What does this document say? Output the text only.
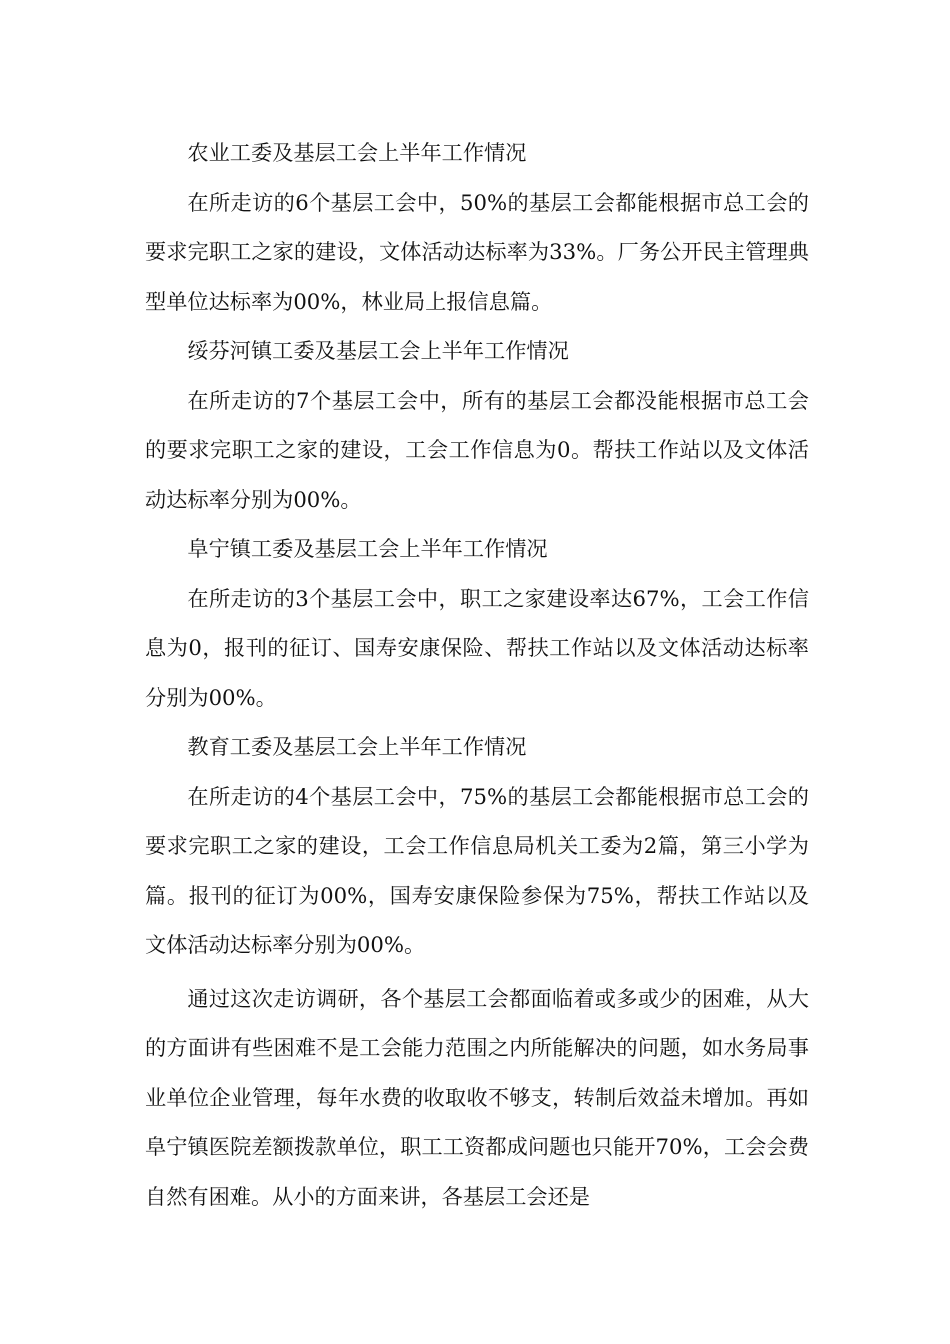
农业工委及基层工会上半年工作情况

在所走访的6个基层工会中，50%的基层工会都能根据市总工会的要求完职工之家的建设，文体活动达标率为33%。厂务公开民主管理典型单位达标率为00%，林业局上报信息篇。

绥芬河镇工委及基层工会上半年工作情况

在所走访的7个基层工会中，所有的基层工会都没能根据市总工会的要求完职工之家的建设，工会工作信息为0。帮扶工作站以及文体活动达标率分别为00%。

阜宁镇工委及基层工会上半年工作情况

在所走访的3个基层工会中，职工之家建设率达67%，工会工作信息为0，报刊的征订、国寿安康保险、帮扶工作站以及文体活动达标率分别为00%。

教育工委及基层工会上半年工作情况

在所走访的4个基层工会中，75%的基层工会都能根据市总工会的要求完职工之家的建设，工会工作信息局机关工委为2篇，第三小学为篇。报刊的征订为00%，国寿安康保险参保为75%，帮扶工作站以及文体活动达标率分别为00%。

通过这次走访调研，各个基层工会都面临着或多或少的困难，从大的方面讲有些困难不是工会能力范围之内所能解决的问题，如水务局事业单位企业管理，每年水费的收取收不够支，转制后效益未增加。再如阜宁镇医院差额拨款单位，职工工资都成问题也只能开70%，工会会费自然有困难。从小的方面来讲，各基层工会还是
